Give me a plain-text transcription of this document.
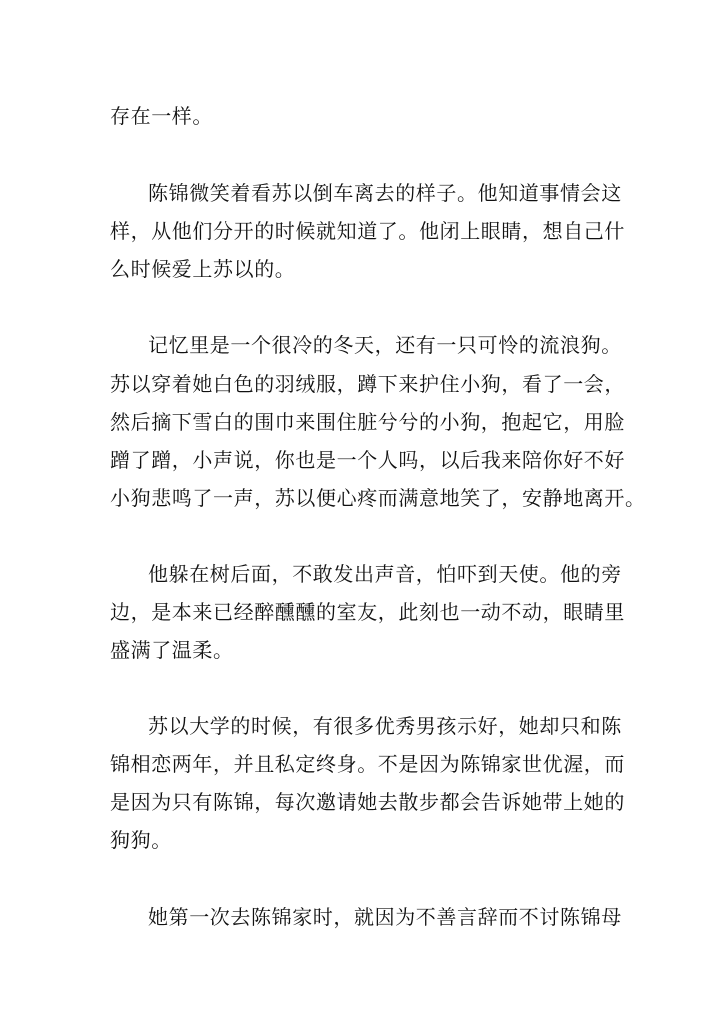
存在一样。
陈锦微笑着看苏以倒车离去的样子。他知道事情会这
样，从他们分开的时候就知道了。他闭上眼睛，想自己什
么时候爱上苏以的。
记忆里是一个很冷的冬天，还有一只可怜的流浪狗。
苏以穿着她白色的羽绒服，蹲下来护住小狗，看了一会，
然后摘下雪白的围巾来围住脏兮兮的小狗，抱起它，用脸
蹭了蹭，小声说，你也是一个人吗，以后我来陪你好不好
小狗悲鸣了一声，苏以便心疼而满意地笑了，安静地离开。
他躲在树后面，不敢发出声音，怕吓到天使。他的旁
边，是本来已经醉醺醺的室友，此刻也一动不动，眼睛里
盛满了温柔。
苏以大学的时候，有很多优秀男孩示好，她却只和陈
锦相恋两年，并且私定终身。不是因为陈锦家世优渥，而
是因为只有陈锦，每次邀请她去散步都会告诉她带上她的
狗狗。
她第一次去陈锦家时，就因为不善言辞而不讨陈锦母
